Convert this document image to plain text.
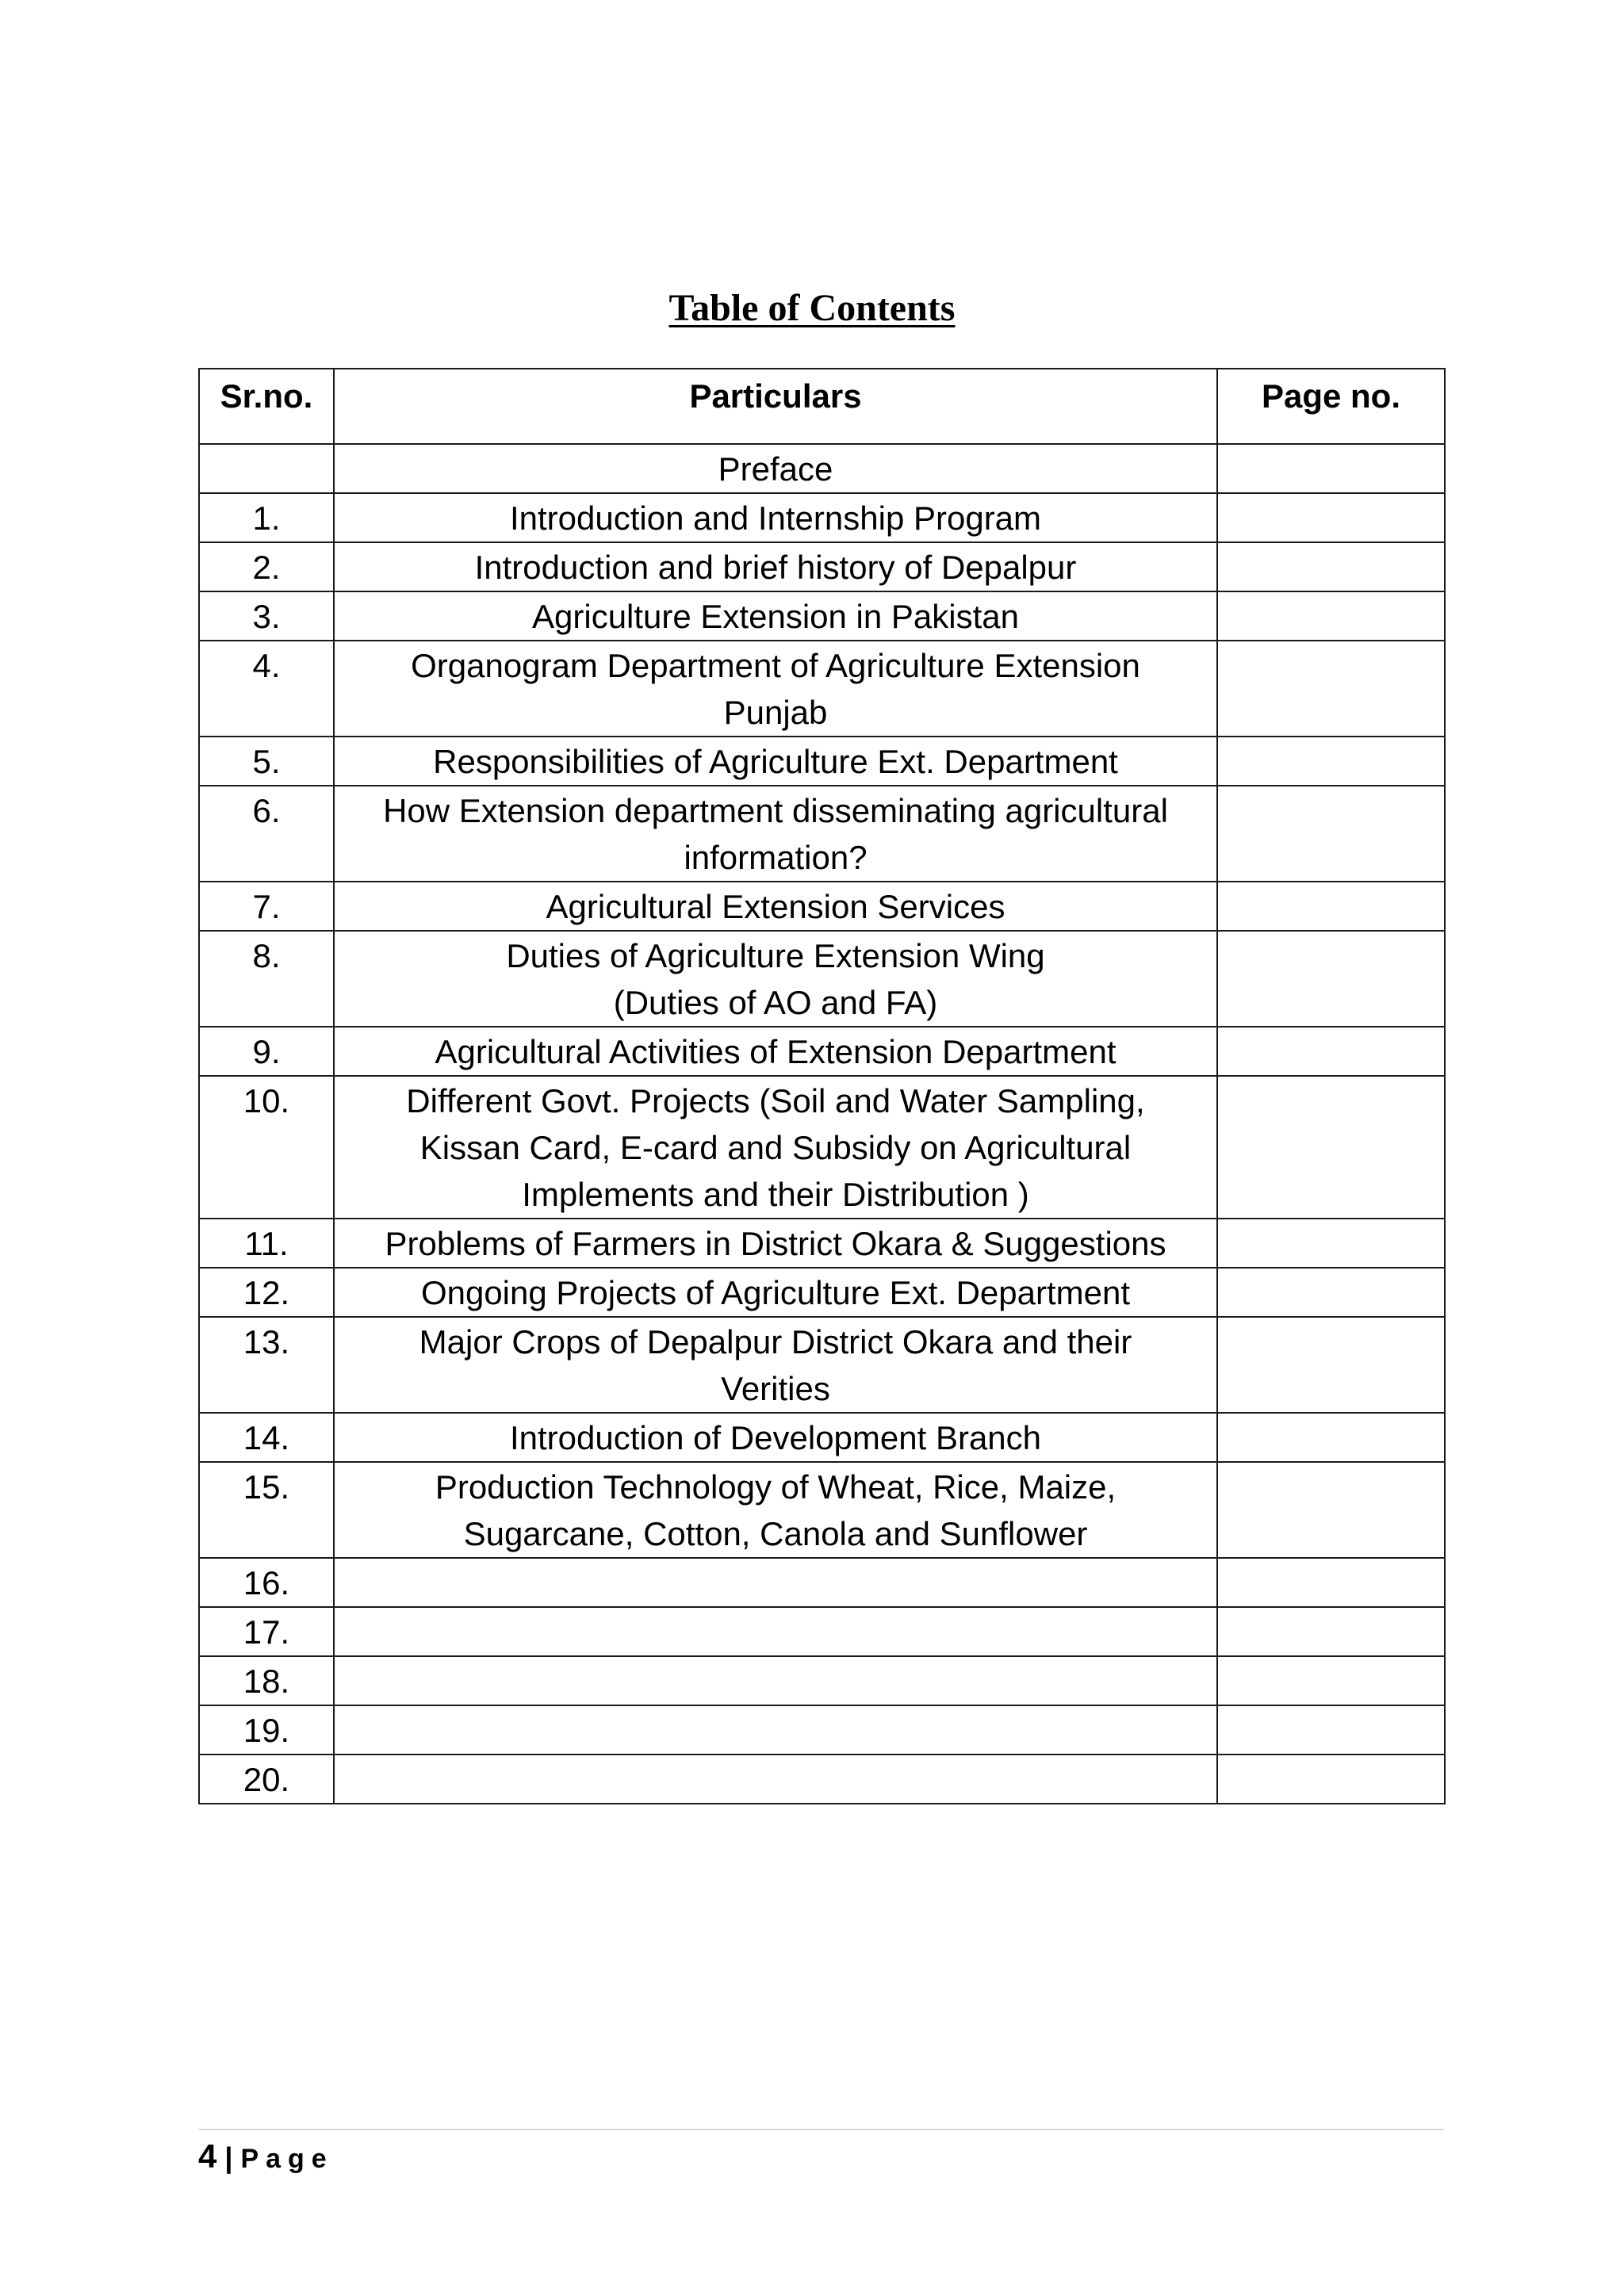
Table of Contents
Sr.no.	Particulars	Page no.
	Preface	
1.	Introduction and Internship Program	
2.	Introduction and brief history of Depalpur	
3.	Agriculture Extension in Pakistan	
4.	Organogram Department of Agriculture Extension
Punjab	
5.	Responsibilities of Agriculture Ext. Department	
6.	How Extension department disseminating agricultural
information?	
7.	Agricultural Extension Services	
8.	Duties of Agriculture Extension Wing
(Duties of AO and FA)	
9.	Agricultural Activities of Extension Department	
10.	Different Govt. Projects (Soil and Water Sampling,
Kissan Card, E-card and Subsidy on Agricultural
Implements and their Distribution )	
11.	Problems of Farmers in District Okara & Suggestions	
12.	Ongoing Projects of Agriculture Ext. Department	
13.	Major Crops of Depalpur District Okara and their
Verities	
14.	Introduction of Development Branch	
15.	Production Technology of Wheat, Rice, Maize,
Sugarcane, Cotton, Canola and Sunflower	
16.		
17.		
18.		
19.		
20.		
4 | Page
